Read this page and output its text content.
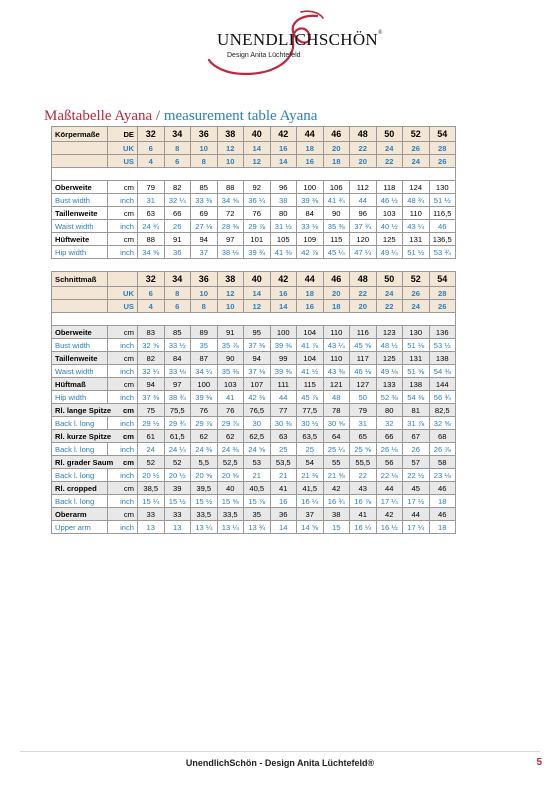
UNENDLICHSCHÖN®
Design Anita Lüchtefeld
Maßtabelle Ayana / measurement table Ayana
Körpermaße	DE	32	34	36	38	40	42	44	46	48	50	52	54
	UK	6	8	10	12	14	16	18	20	22	24	26	28
	US	4	6	8	10	12	14	16	18	20	22	24	26

Oberweite	cm	79	82	85	88	92	96	100	106	112	118	124	130
Bust width	inch	31	32 ¼	33 ⅜	34 ⅝	36 ¼	38	39 ⅜	41 ¾	44	46 ½	48 ¾	51 ½
Taillenweite	cm	63	66	69	72	76	80	84	90	96	103	110	116,5
Waist width	inch	24 ¾	26	27 ⅛	28 ⅜	29 ⅞	31 ½	33 ⅛	35 ⅜	37 ¾	40 ½	43 ¼	46
Hüftweite	cm	88	91	94	97	101	105	109	115	120	125	131	136,5
Hip width	inch	34 ⅝	36	37	38 ⅛	39 ¾	41 ⅜	42 ⅞	45 ¼	47 ¼	49 ¼	51 ½	53 ¾
Schnittmaß		32	34	36	38	40	42	44	46	48	50	52	54
	UK	6	8	10	12	14	16	18	20	22	24	26	28
	US	4	6	8	10	12	14	16	18	20	22	24	26

Oberweite	cm	83	85	89	91	95	100	104	110	116	123	130	136
Bust width	inch	32 ⅝	33 ½	35	35 ⅞	37 ⅜	39 ⅜	41 ⅞	43 ¼	45 ⅝	48 ½	51 ⅛	53 ½
Taillenweite	cm	82	84	87	90	94	99	104	110	117	125	131	138
Waist width	inch	32 ¼	33 ⅛	34 ¼	35 ⅜	37 ⅛	39 ⅜	41 ½	43 ⅜	46 ⅛	49 ⅛	51 ⅝	54 ⅜
Hüftmaß	cm	94	97	100	103	107	111	115	121	127	133	138	144
Hip width	inch	37 ⅜	38 ¾	39 ⅜	41	42 ⅜	44	45 ⅞	48	50	52 ⅜	54 ⅜	56 ¾
Rl. lange Spitze cm		75	75,5	76	76	76,5	77	77,5	78	79	80	81	82,5
Back l. long	inch	29 ½	29 ¾	29 ⅞	29 ⅞	30	30 ⅜	30 ½	30 ⅝	31	32	31 ⅞	32 ⅝
Rl. kurze Spitze cm		61	61,5	62	62	62,5	63	63,5	64	65	66	67	68
Back l. long	inch	24	24 ¼	24 ⅜	24 ⅜	24 ⅝	25	25	25 ¼	25 ⅝	26 ⅛	26	26 ⅞
Rl. grader Saum cm		52	52	5,5	52,5	53	53,5	54	55	55,5	56	57	58
Back l. long	inch	20 ½	20 ½	20 ⅝	20 ⅝	21	21	21 ⅜	21 ⅝	22	22 ⅛	22 ½	23 ⅛
Rl. cropped	cm	38,5	39	39,5	40	40,5	41	41,5	42	43	44	45	46
Back l. long	inch	15 ¼	15 ½	15 ½	15 ⅝	15 ⅞	16	16 ¼	16 ¾	16 ⅞	17 ¼	17 ½	18
Oberarm	cm	33	33	33,5	33,5	35	36	37	38	41	42	44	46
Upper arm	inch	13	13	13 ¼	13 ¼	13 ¾	14	14 ⅝	15	16 ¼	16 ½	17 ¼	18
UnendlichSchön - Design Anita Lüchtefeld®	5
